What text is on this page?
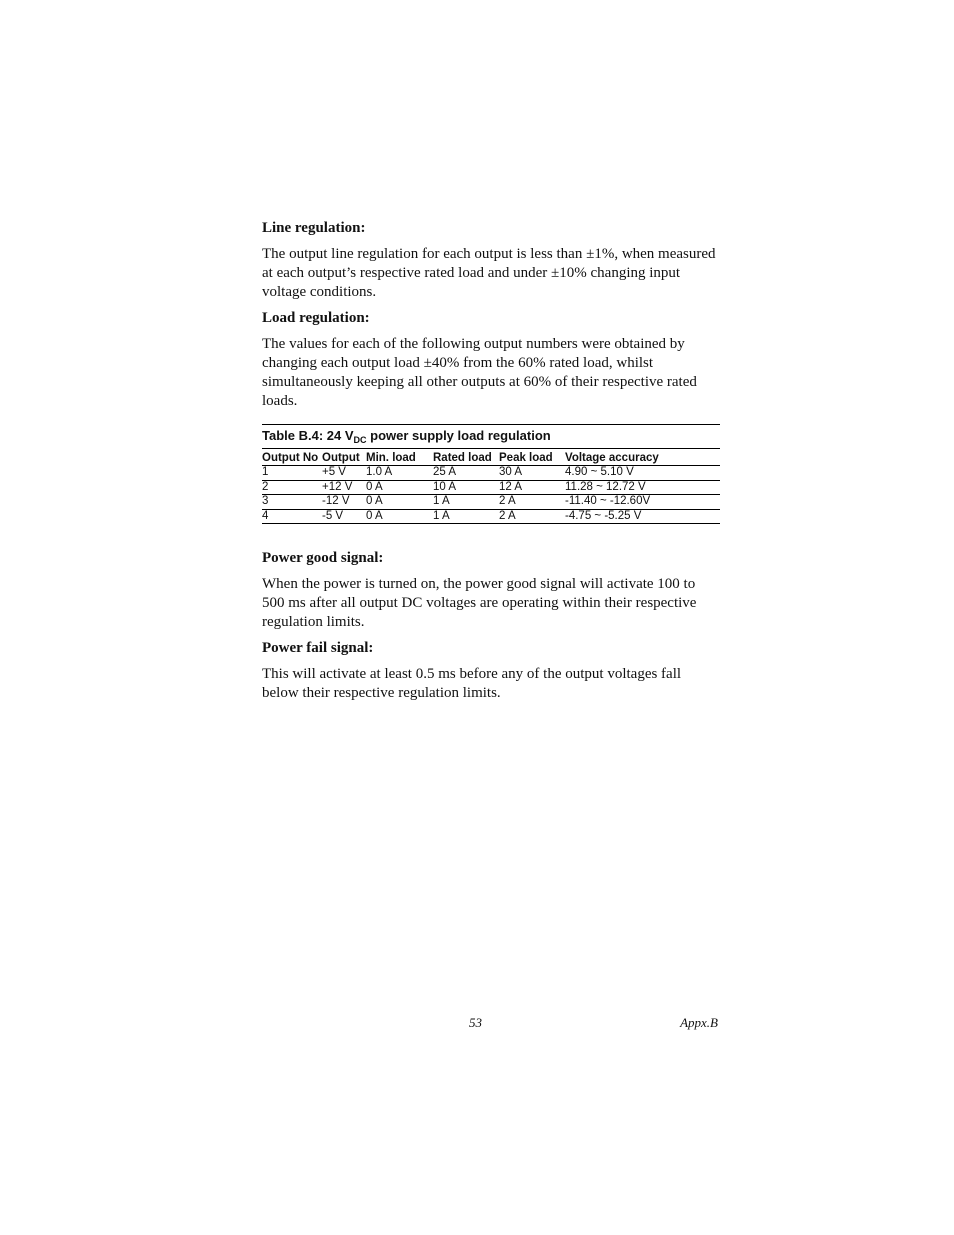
Line regulation:

The output line regulation for each output is less than ±1%, when measured at each output’s respective rated load and under ±10% changing input voltage conditions.

Load regulation:

The values for each of the following output numbers were obtained by changing each output load ±40% from the 60% rated load, whilst simultaneously keeping all other outputs at 60% of their respective rated loads.

Table B.4: 24 $V_{DC}$ power supply load regulation
Output No	Output	Min. load	Rated load	Peak load	Voltage accuracy
1	+5 V	1.0 A	25 A	30 A	4.90 ~ 5.10 V
2	+12 V	0 A	10 A	12 A	11.28 ~ 12.72 V
3	-12 V	0 A	1 A	2 A	-11.40 ~ -12.60V
4	-5 V	0 A	1 A	2 A	-4.75 ~ -5.25 V
Power good signal:

When the power is turned on, the power good signal will activate 100 to 500 ms after all output DC voltages are operating within their respective regulation limits.

Power fail signal:

This will activate at least 0.5 ms before any of the output voltages fall below their respective regulation limits.

53	Appx.B
